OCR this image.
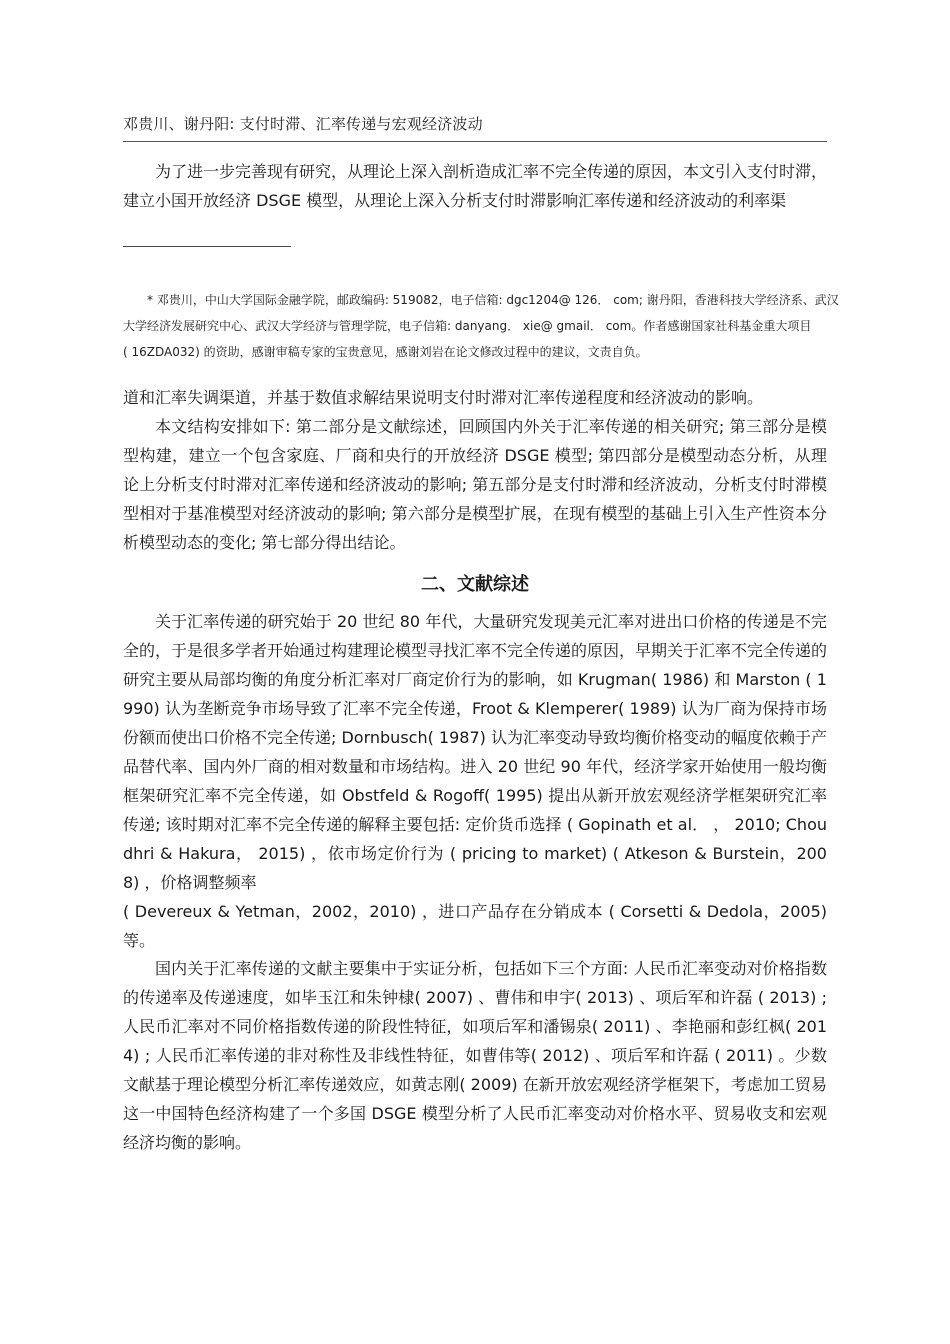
邓贵川、谢丹阳: 支付时滞、汇率传递与宏观经济波动

为了进一步完善现有研究，从理论上深入剖析造成汇率不完全传递的原因，本文引入支付时滞，建立小国开放经济 DSGE 模型，从理论上深入分析支付时滞影响汇率传递和经济波动的利率渠

* 邓贵川，中山大学国际金融学院，邮政编码: 519082，电子信箱: dgc1204@ 126． com; 谢丹阳，香港科技大学经济系、武汉大学经济发展研究中心、武汉大学经济与管理学院，电子信箱: danyang． xie@ gmail． com。作者感谢国家社科基金重大项目

( 16ZDA032) 的资助，感谢审稿专家的宝贵意见，感谢刘岩在论文修改过程中的建议，文责自负。

道和汇率失调渠道，并基于数值求解结果说明支付时滞对汇率传递程度和经济波动的影响。

本文结构安排如下: 第二部分是文献综述，回顾国内外关于汇率传递的相关研究; 第三部分是模型构建，建立一个包含家庭、厂商和央行的开放经济 DSGE 模型; 第四部分是模型动态分析，从理论上分析支付时滞对汇率传递和经济波动的影响; 第五部分是支付时滞和经济波动，分析支付时滞模型相对于基准模型对经济波动的影响; 第六部分是模型扩展，在现有模型的基础上引入生产性资本分析模型动态的变化; 第七部分得出结论。

二、文献综述

关于汇率传递的研究始于 20 世纪 80 年代，大量研究发现美元汇率对进出口价格的传递是不完全的，于是很多学者开始通过构建理论模型寻找汇率不完全传递的原因，早期关于汇率不完全传递的研究主要从局部均衡的角度分析汇率对厂商定价行为的影响，如 Krugman( 1986) 和 Marston ( 1990) 认为垄断竞争市场导致了汇率不完全传递，Froot & Klemperer( 1989) 认为厂商为保持市场份额而使出口价格不完全传递; Dornbusch( 1987) 认为汇率变动导致均衡价格变动的幅度依赖于产品替代率、国内外厂商的相对数量和市场结构。进入 20 世纪 90 年代，经济学家开始使用一般均衡框架研究汇率不完全传递，如 Obstfeld & Rogoff( 1995) 提出从新开放宏观经济学框架研究汇率传递; 该时期对汇率不完全传递的解释主要包括: 定价货币选择 ( Gopinath et al． ， 2010; Choudhri & Hakura， 2015) ，依市场定价行为 ( pricing to market) ( Atkeson & Burstein，2008) ，价格调整频率

( Devereux & Yetman，2002，2010) ，进口产品存在分销成本 ( Corsetti & Dedola，2005) 等。

国内关于汇率传递的文献主要集中于实证分析，包括如下三个方面: 人民币汇率变动对价格指数的传递率及传递速度，如毕玉江和朱钟棣( 2007) 、曹伟和申宇( 2013) 、项后军和许磊 ( 2013) ; 人民币汇率对不同价格指数传递的阶段性特征，如项后军和潘锡泉( 2011) 、李艳丽和彭红枫( 2014) ; 人民币汇率传递的非对称性及非线性特征，如曹伟等( 2012) 、项后军和许磊 ( 2011) 。少数文献基于理论模型分析汇率传递效应，如黄志刚( 2009) 在新开放宏观经济学框架下，考虑加工贸易这一中国特色经济构建了一个多国 DSGE 模型分析了人民币汇率变动对价格水平、贸易收支和宏观经济均衡的影响。
